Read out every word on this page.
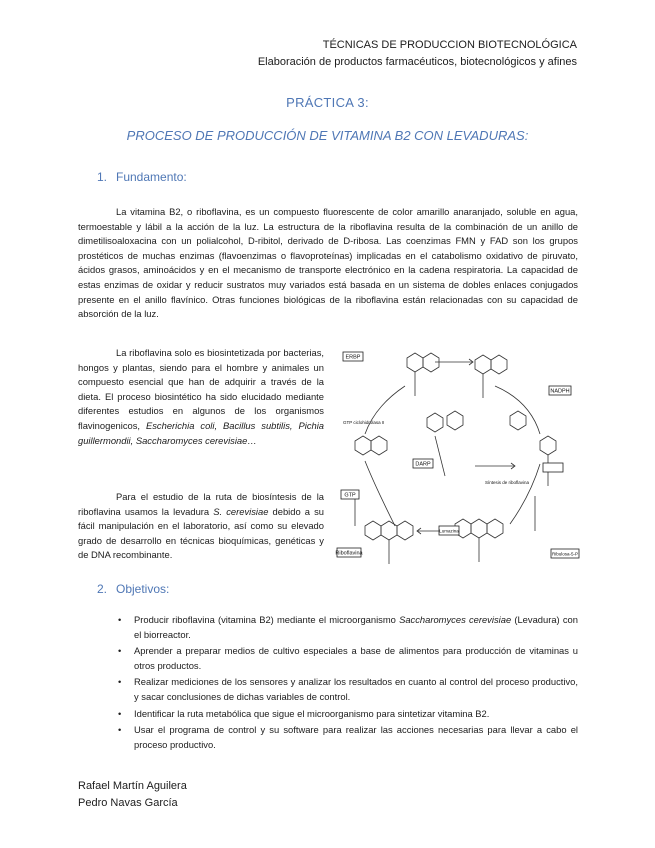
TÉCNICAS DE PRODUCCION BIOTECNOLÓGICA
Elaboración de productos farmacéuticos, biotecnológicos y afines
PRÁCTICA 3:
PROCESO DE PRODUCCIÓN DE VITAMINA B2 CON LEVADURAS:
1. Fundamento:
La vitamina B2, o riboflavina, es un compuesto fluorescente de color amarillo anaranjado, soluble en agua, termoestable y lábil a la acción de la luz. La estructura de la riboflavina resulta de la combinación de un anillo de dimetilisoaloxacina con un polialcohol, D-ribitol, derivado de D-ribosa. Las coenzimas FMN y FAD son los grupos prostéticos de muchas enzimas (flavoenzimas o flavoproteínas) implicadas en el catabolismo oxidativo de piruvato, ácidos grasos, aminoácidos y en el mecanismo de transporte electrónico en la cadena respiratoria. La capacidad de estas enzimas de oxidar y reducir sustratos muy variados está basada en un sistema de dobles enlaces conjugados presente en el anillo flavínico. Otras funciones biológicas de la riboflavina están relacionadas con su capacidad de absorción de la luz.
La riboflavina solo es biosintetizada por bacterias, hongos y plantas, siendo para el hombre y animales un compuesto esencial que han de adquirir a través de la dieta. El proceso biosintético ha sido elucidado mediante diferentes estudios en algunos de los organismos flavinogenicos, Escherichia coli, Bacillus subtilis, Pichia guillermondii, Saccharomyces cerevisiae…
Para el estudio de la ruta de biosíntesis de la riboflavina usamos la levadura S. cerevisiae debido a su fácil manipulación en el laboratorio, así como su elevado grado de desarrollo en técnicas bioquímicas, genéticas y de DNA recombinante.
ERBP
NADPH
GTP
Riboflavina
DARP
Ribulosa-5-P
GTP ciclohidrolasa II
Síntesis de riboflavina
Lumazina
2. Objetivos:
• Producir riboflavina (vitamina B2) mediante el microorganismo Saccharomyces cerevisiae (Levadura) con el biorreactor.
• Aprender a preparar medios de cultivo especiales a base de alimentos para producción de vitaminas u otros productos.
• Realizar mediciones de los sensores y analizar los resultados en cuanto al control del proceso productivo, y sacar conclusiones de dichas variables de control.
• Identificar la ruta metabólica que sigue el microorganismo para sintetizar vitamina B2.
• Usar el programa de control y su software para realizar las acciones necesarias para llevar a cabo el proceso productivo.
Rafael Martín Aguilera
Pedro Navas García
